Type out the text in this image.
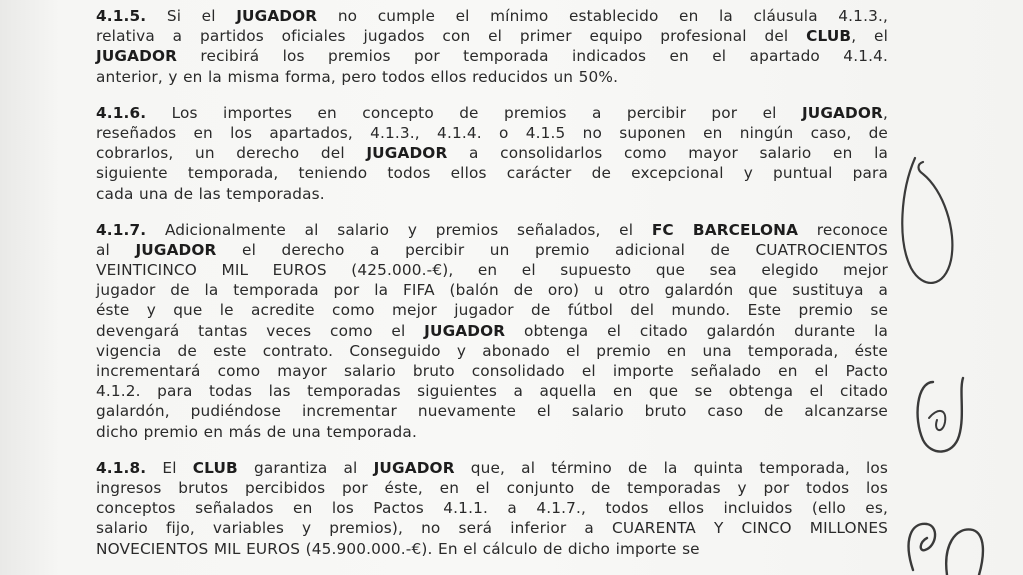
4.1.5. Si el JUGADOR no cumple el mínimo establecido en la cláusula 4.1.3.,
relativa a partidos oficiales jugados con el primer equipo profesional del CLUB, el
JUGADOR recibirá los premios por temporada indicados en el apartado 4.1.4.
anterior, y en la misma forma, pero todos ellos reducidos un 50%.
4.1.6. Los importes en concepto de premios a percibir por el JUGADOR,
reseñados en los apartados, 4.1.3., 4.1.4. o 4.1.5 no suponen en ningún caso, de
cobrarlos, un derecho del JUGADOR a consolidarlos como mayor salario en la
siguiente temporada, teniendo todos ellos carácter de excepcional y puntual para
cada una de las temporadas.
4.1.7. Adicionalmente al salario y premios señalados, el FC BARCELONA reconoce
al JUGADOR el derecho a percibir un premio adicional de CUATROCIENTOS
VEINTICINCO MIL EUROS (425.000.-€), en el supuesto que sea elegido mejor
jugador de la temporada por la FIFA (balón de oro) u otro galardón que sustituya a
éste y que le acredite como mejor jugador de fútbol del mundo. Este premio se
devengará tantas veces como el JUGADOR obtenga el citado galardón durante la
vigencia de este contrato. Conseguido y abonado el premio en una temporada, éste
incrementará como mayor salario bruto consolidado el importe señalado en el Pacto
4.1.2. para todas las temporadas siguientes a aquella en que se obtenga el citado
galardón, pudiéndose incrementar nuevamente el salario bruto caso de alcanzarse
dicho premio en más de una temporada.
4.1.8. El CLUB garantiza al JUGADOR que, al término de la quinta temporada, los
ingresos brutos percibidos por éste, en el conjunto de temporadas y por todos los
conceptos señalados en los Pactos 4.1.1. a 4.1.7., todos ellos incluidos (ello es,
salario fijo, variables y premios), no será inferior a CUARENTA Y CINCO MILLONES
NOVECIENTOS MIL EUROS (45.900.000.-€). En el cálculo de dicho importe se
